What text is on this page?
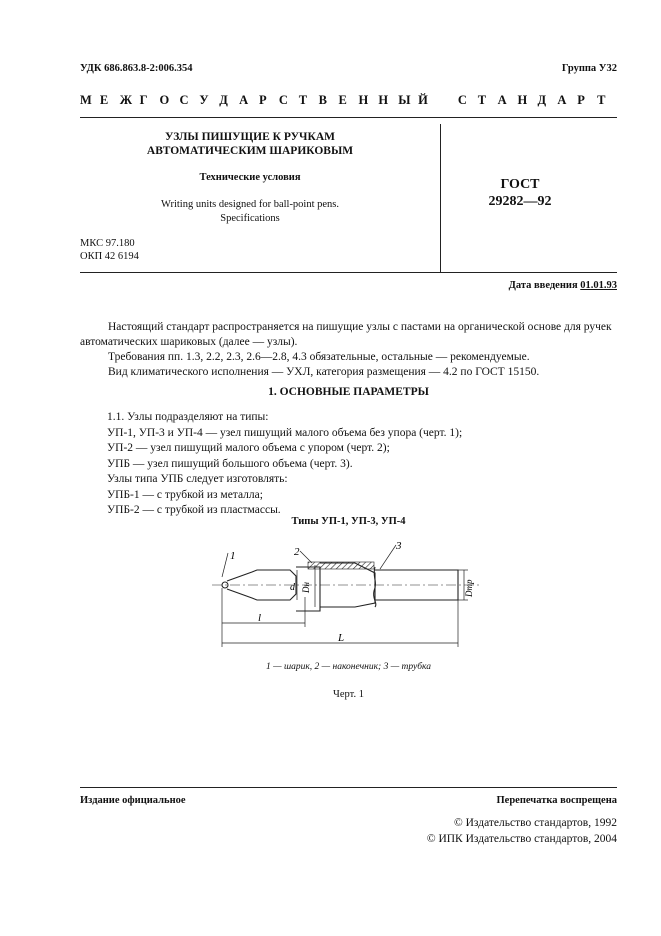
УДК 686.863.8-2:006.354	Группа У32
М Е Ж Г О С У Д А Р С Т В Е Н Н Ы Й С Т А Н Д А Р Т
УЗЛЫ ПИШУЩИЕ К РУЧКАМ
АВТОМАТИЧЕСКИМ ШАРИКОВЫМ
Технические условия
Writing units designed for ball-point pens.
Specifications
ГОСТ
29282—92
МКС 97.180
ОКП 42 6194
Дата введения 01.01.93

Настоящий стандарт распространяется на пишущие узлы с пастами на органической основе для ручек автоматических шариковых (далее — узлы).

Требования пп. 1.3, 2.2, 2.3, 2.6—2.8, 4.3 обязательные, остальные — рекомендуемые.

Вид климатического исполнения — УХЛ, категория размещения — 4.2 по ГОСТ 15150.

1. ОСНОВНЫЕ ПАРАМЕТРЫ
1.1. Узлы подразделяют на типы:
УП-1, УП-3 и УП-4 — узел пишущий малого объема без упора (черт. 1);
УП-2 — узел пишущий малого объема с упором (черт. 2);
УПБ — узел пишущий большого объема (черт. 3).
Узлы типа УПБ следует изготовлять:
УПБ-1 — с трубкой из металла;
УПБ-2 — с трубкой из пластмассы.
Типы УП-1, УП-3, УП-4
1	2	3
d Dн	Dтр
l
L
1 — шарик, 2 — наконечник; 3 — трубка
Черт. 1
Издание официальное	Перепечатка воспрещена
© Издательство стандартов, 1992
© ИПК Издательство стандартов, 2004
